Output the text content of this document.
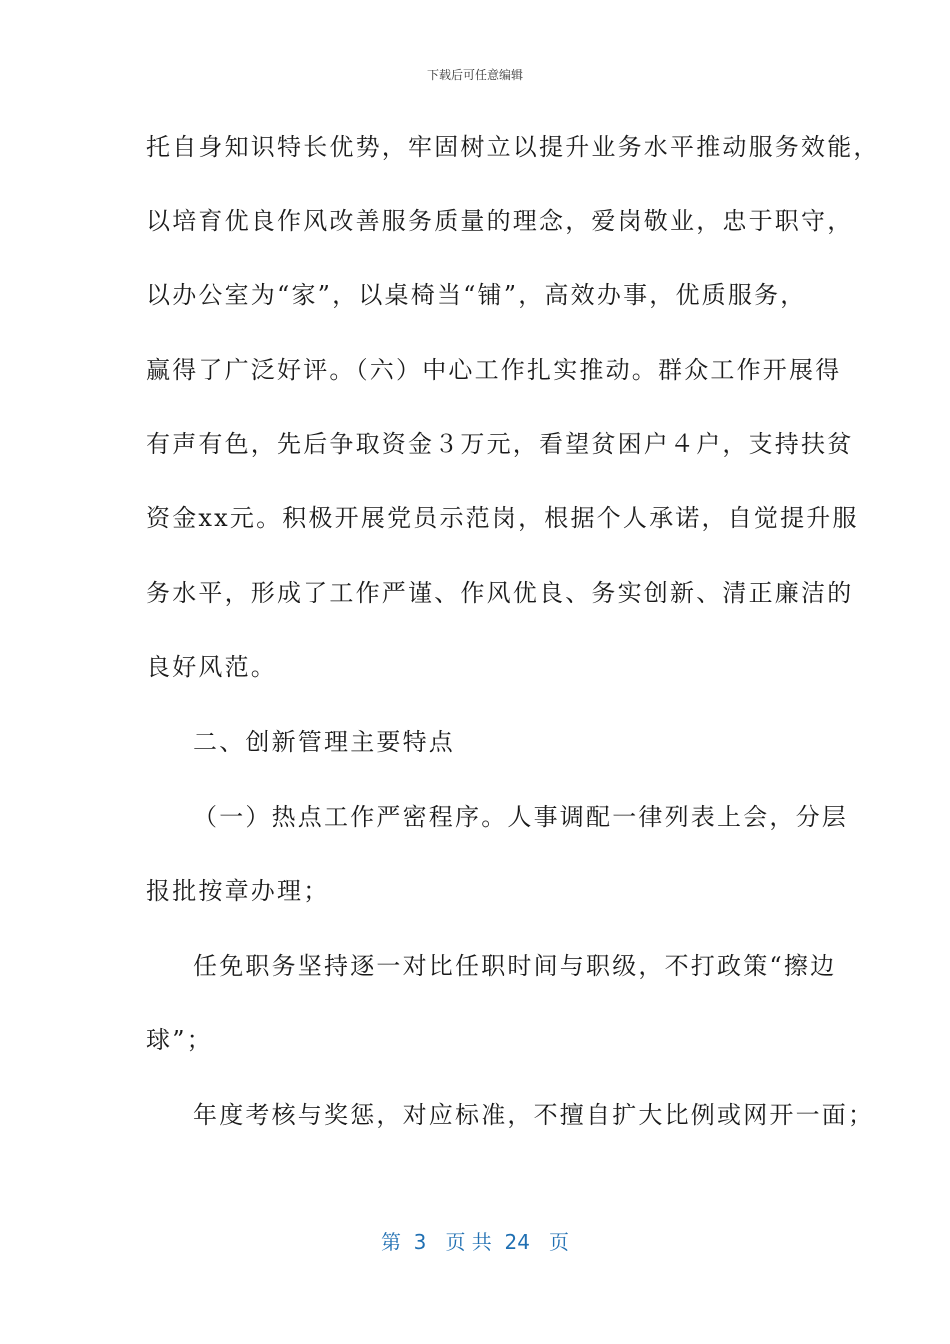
下载后可任意编辑
托自身知识特长优势，牢固树立以提升业务水平推动服务效能，
以培育优良作风改善服务质量的理念，爱岗敬业，忠于职守，
以办公室为“家”，以桌椅当“铺”，高效办事，优质服务，
赢得了广泛好评。（六）中心工作扎实推动。群众工作开展得
有声有色，先后争取资金３万元，看望贫困户４户，支持扶贫
资金xx元。积极开展党员示范岗，根据个人承诺，自觉提升服
务水平，形成了工作严谨、作风优良、务实创新、清正廉洁的
良好风范。
二、创新管理主要特点
（一）热点工作严密程序。人事调配一律列表上会，分层
报批按章办理；
任免职务坚持逐一对比任职时间与职级，不打政策“擦边
球”；
年度考核与奖惩，对应标准，不擅自扩大比例或网开一面；
第  3   页 共  24   页
